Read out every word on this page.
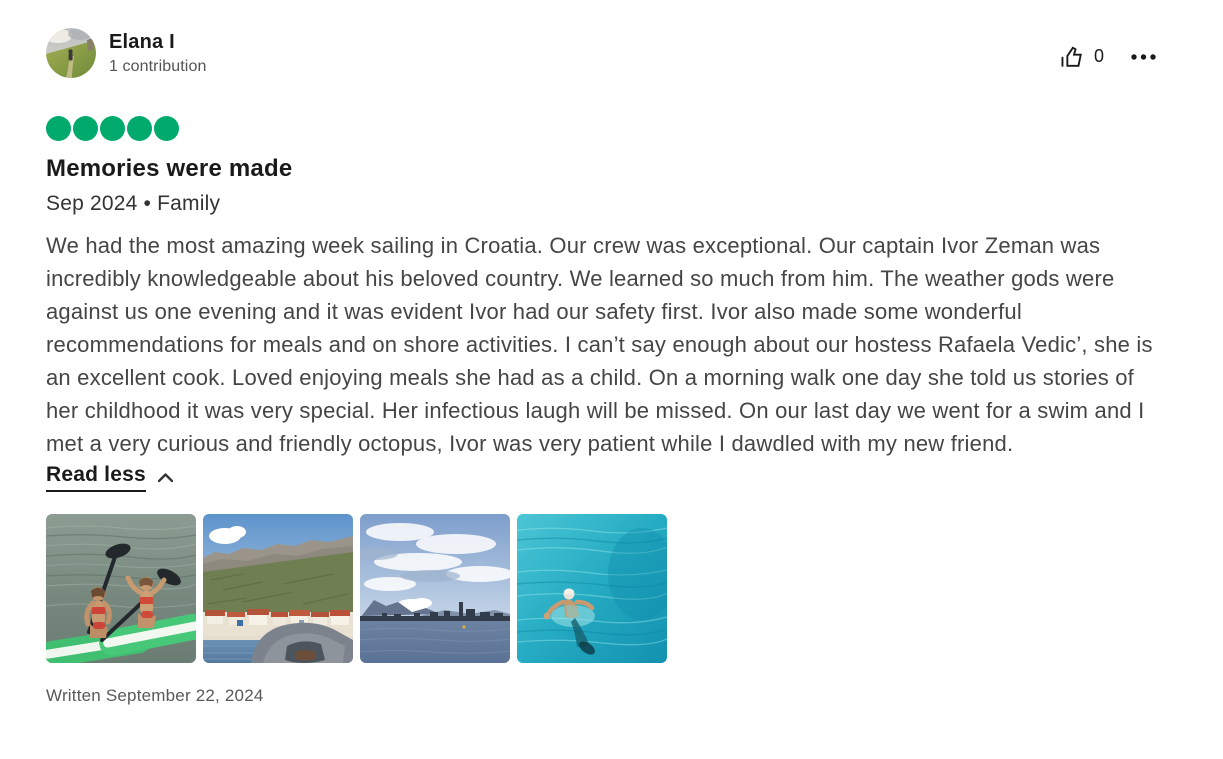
Elana I
1 contribution
0
Memories were made
Sep 2024 • Family

We had the most amazing week sailing in Croatia. Our crew was exceptional. Our captain Ivor Zeman was incredibly knowledgeable about his beloved country. We learned so much from him. The weather gods were against us one evening and it was evident Ivor had our safety first. Ivor also made some wonderful recommendations for meals and on shore activities. I can’t say enough about our hostess Rafaela Vedic’, she is an excellent cook. Loved enjoying meals she had as a child. On a morning walk one day she told us stories of her childhood it was very special. Her infectious laugh will be missed. On our last day we went for a swim and I met a very curious and friendly octopus, Ivor was very patient while I dawdled with my new friend.

Read less
Written September 22, 2024
